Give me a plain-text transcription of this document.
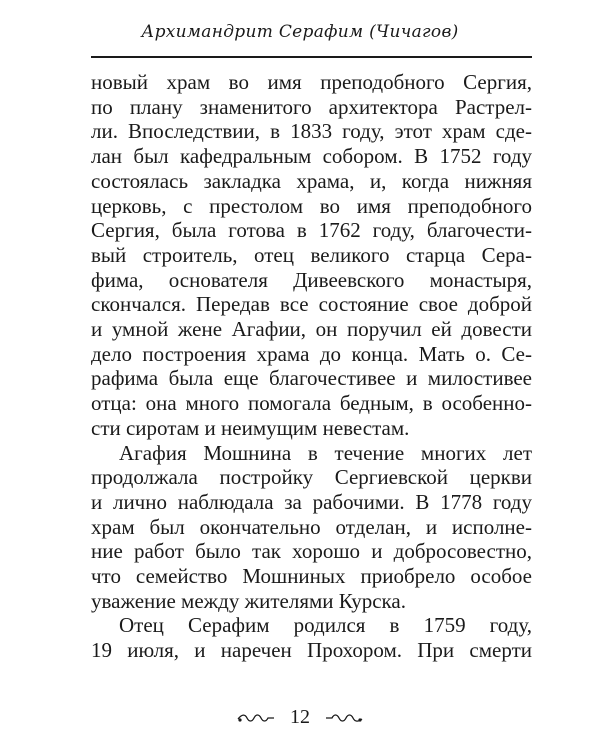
Архимандрит Серафим (Чичагов)
новый храм во имя преподобного Сергия,
по плану знаменитого архитектора Растрел-
ли. Впоследствии, в 1833 году, этот храм сде-
лан был кафедральным собором. В 1752 году
состоялась закладка храма, и, когда нижняя
церковь, с престолом во имя преподобного
Сергия, была готова в 1762 году, благочести-
вый строитель, отец великого старца Сера-
фима, основателя Дивеевского монастыря,
скончался. Передав все состояние свое доброй
и умной жене Агафии, он поручил ей довести
дело построения храма до конца. Мать о. Се-
рафима была еще благочестивее и милостивее
отца: она много помогала бедным, в особенно-
сти сиротам и неимущим невестам.
Агафия Мошнина в течение многих лет
продолжала постройку Сергиевской церкви
и лично наблюдала за рабочими. В 1778 году
храм был окончательно отделан, и исполне-
ние работ было так хорошо и добросовестно,
что семейство Мошниных приобрело особое
уважение между жителями Курска.
Отец Серафим родился в 1759 году,
19 июля, и наречен Прохором. При смерти
12
